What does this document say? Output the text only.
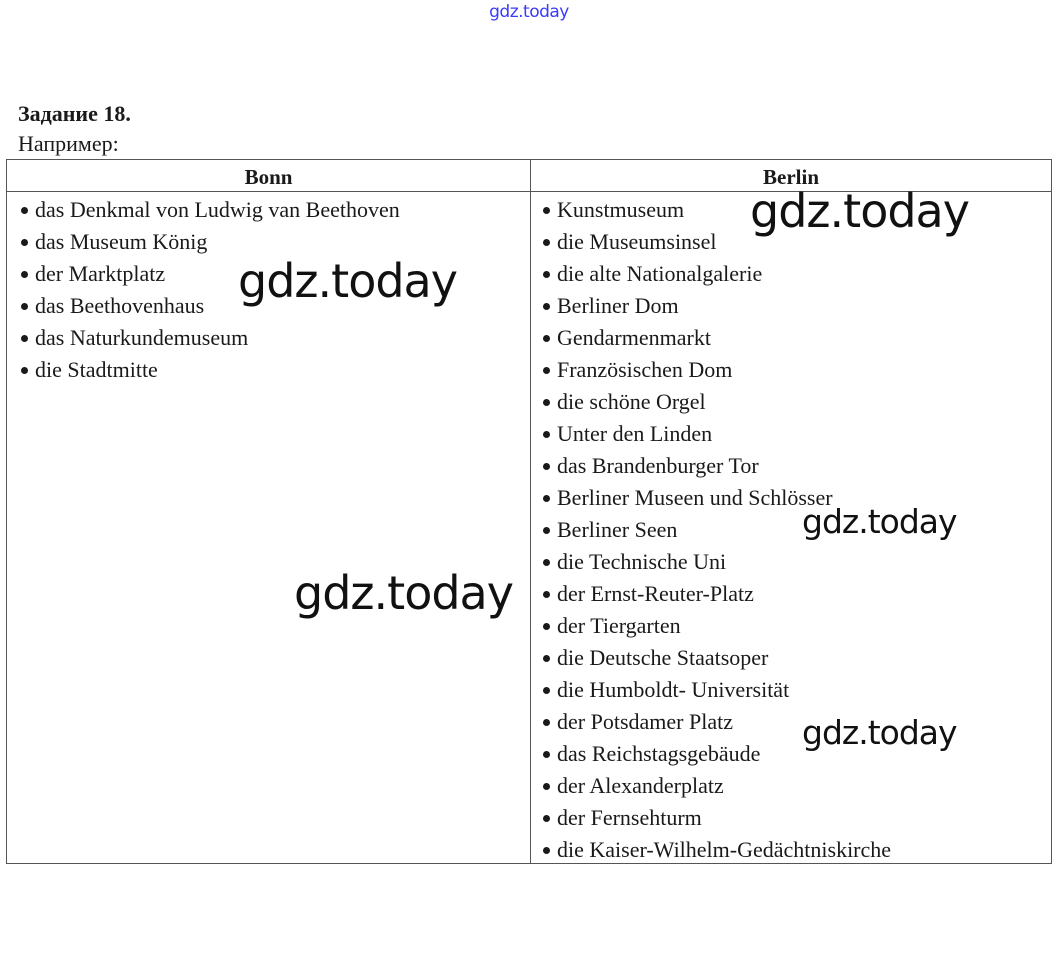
gdz.today
Задание 18.
Например:
Bonn	Berlin
das Denkmal von Ludwig van Beethoven
das Museum König
der Marktplatz
das Beethovenhaus
das Naturkundemuseum
die Stadtmitte
Kunstmuseum
die Museumsinsel
die alte Nationalgalerie
Berliner Dom
Gendarmenmarkt
Französischen Dom
die schöne Orgel
Unter den Linden
das Brandenburger Tor
Berliner Museen und Schlösser
Berliner Seen
die Technische Uni
der Ernst-Reuter-Platz
der Tiergarten
die Deutsche Staatsoper
die Humboldt- Universität
der Potsdamer Platz
das Reichstagsgebäude
der Alexanderplatz
der Fernsehturm
die Kaiser-Wilhelm-Gedächtniskirche
gdz.today
gdz.today
gdz.today
gdz.today
gdz.today
